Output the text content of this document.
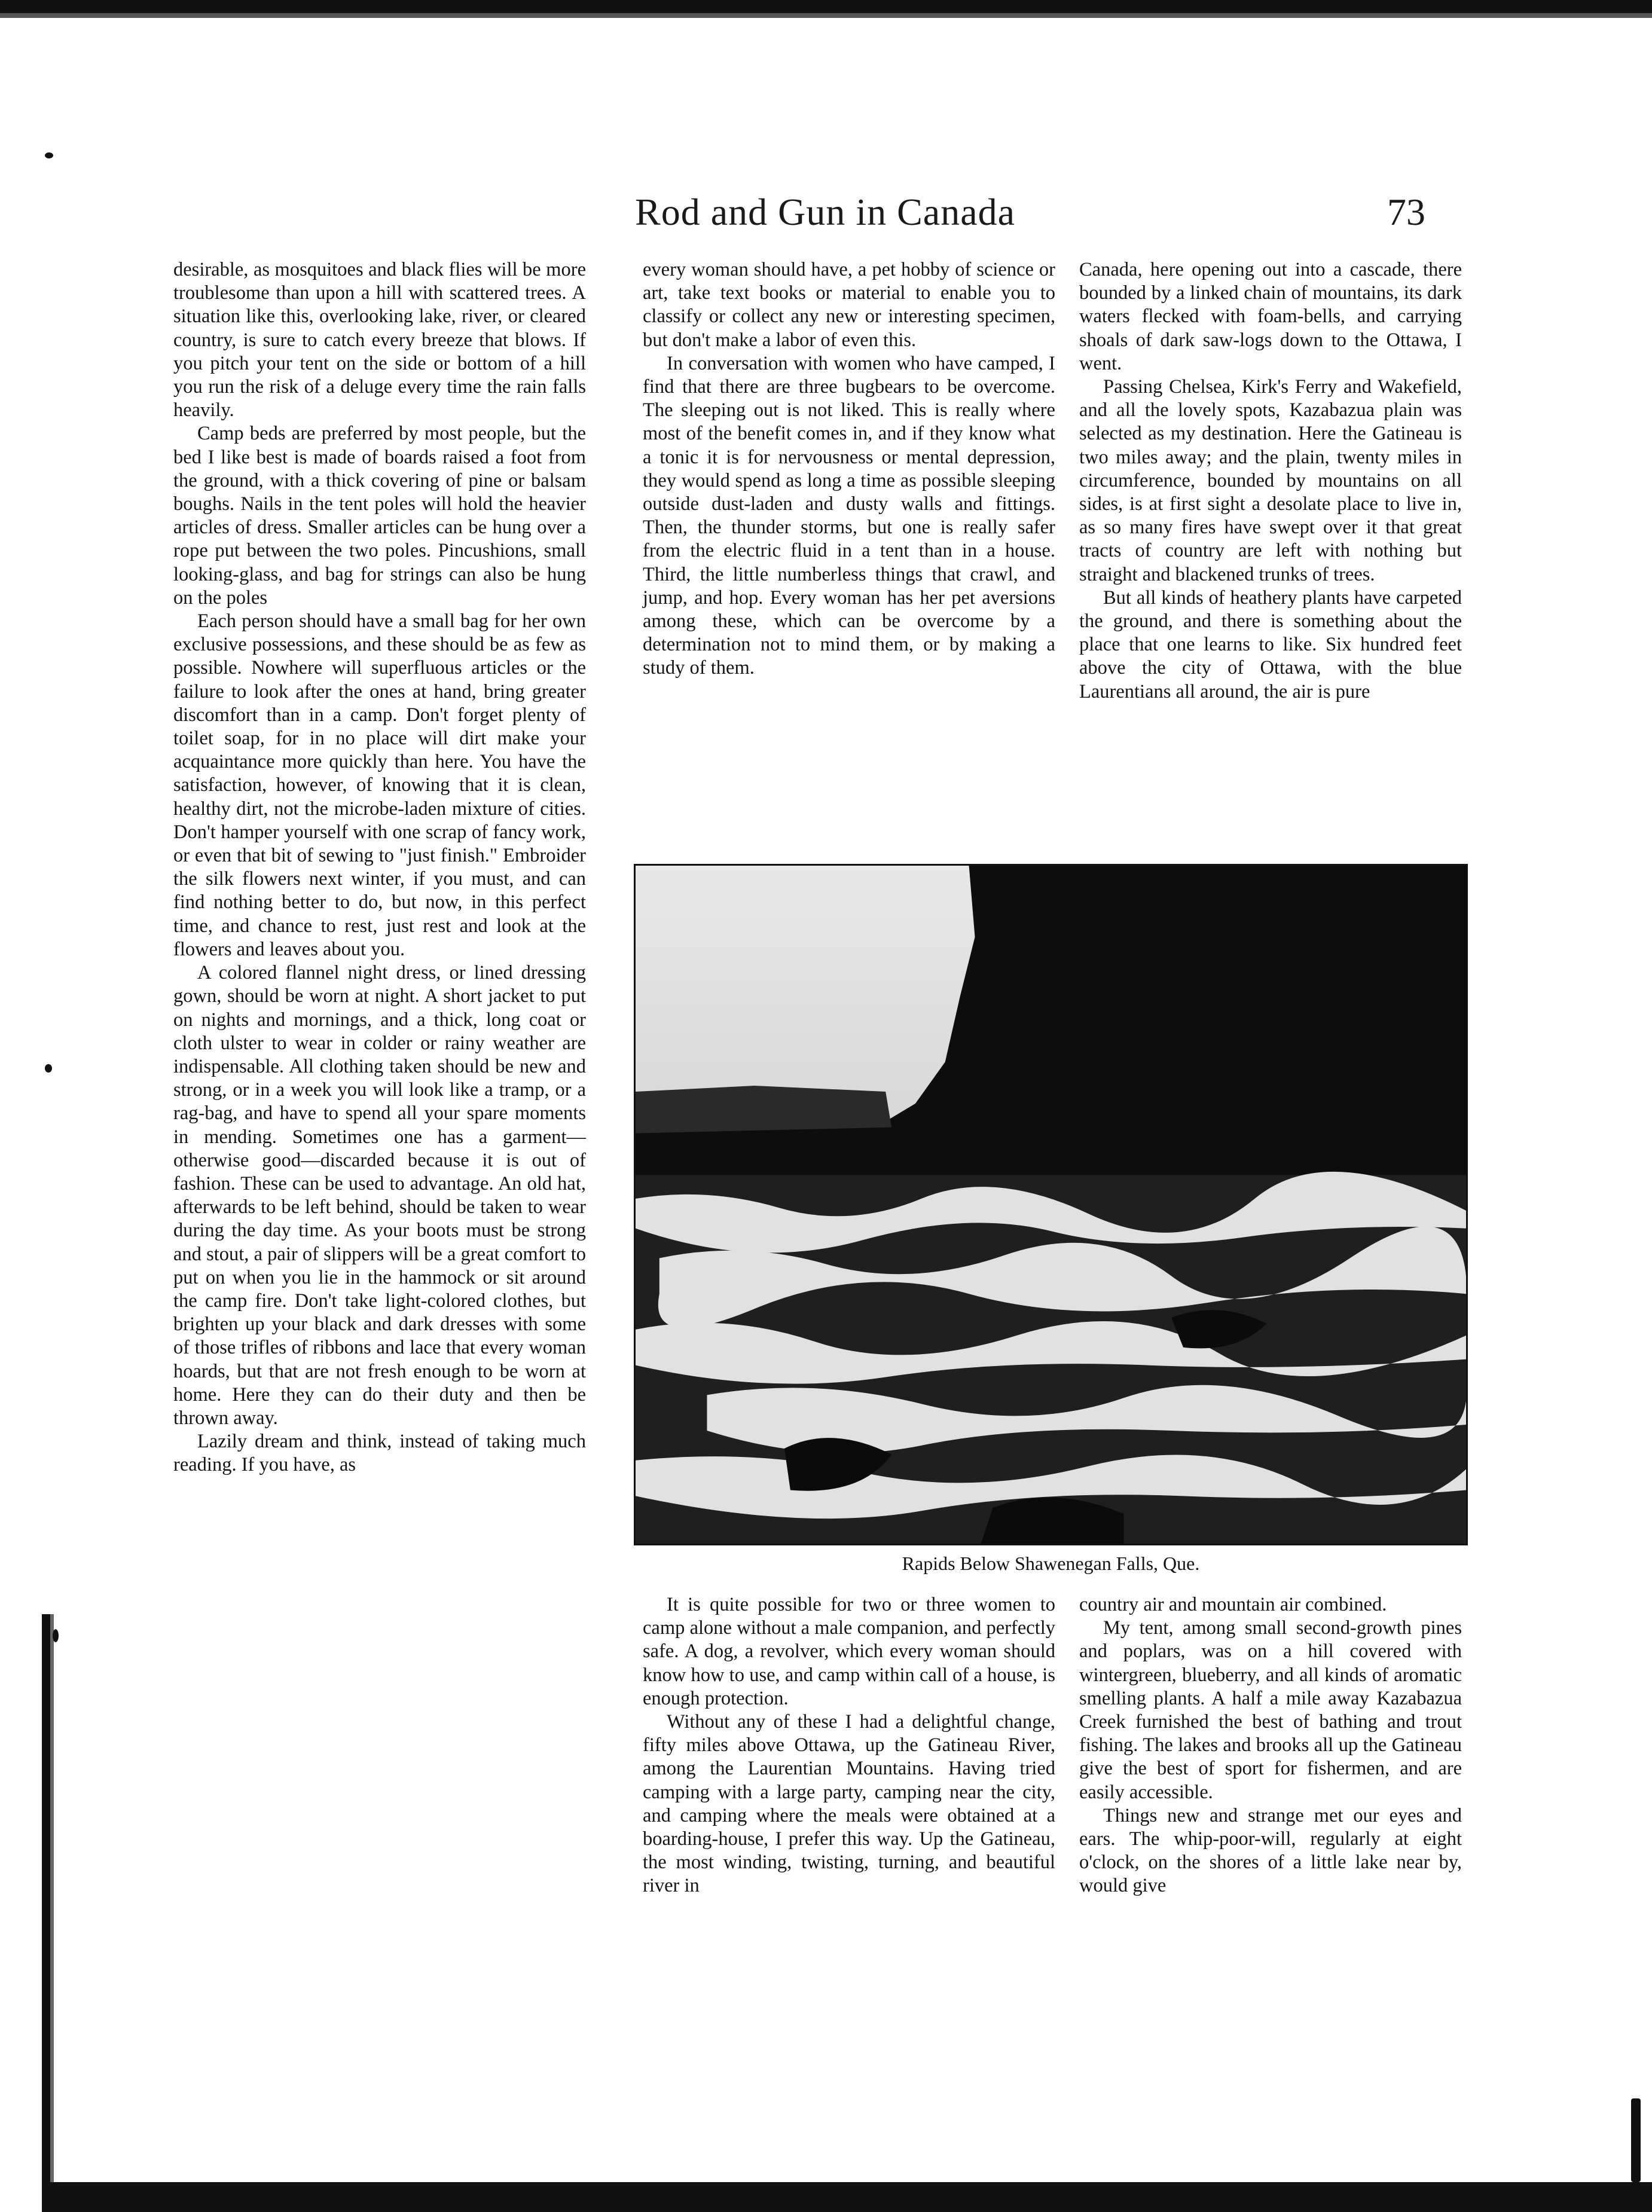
Rod and Gun in Canada	73

desirable, as mosquitoes and black flies will be more troublesome than upon a hill with scattered trees. A situation like this, overlooking lake, river, or cleared country, is sure to catch every breeze that blows. If you pitch your tent on the side or bottom of a hill you run the risk of a deluge every time the rain falls heavily.

Camp beds are preferred by most people, but the bed I like best is made of boards raised a foot from the ground, with a thick covering of pine or balsam boughs. Nails in the tent poles will hold the heavier articles of dress. Smaller articles can be hung over a rope put between the two poles. Pincushions, small looking-glass, and bag for strings can also be hung on the poles

Each person should have a small bag for her own exclusive possessions, and these should be as few as possible. Nowhere will superfluous articles or the failure to look after the ones at hand, bring greater discomfort than in a camp. Don't forget plenty of toilet soap, for in no place will dirt make your acquaintance more quickly than here. You have the satisfaction, however, of knowing that it is clean, healthy dirt, not the microbe-laden mixture of cities. Don't hamper yourself with one scrap of fancy work, or even that bit of sewing to "just finish." Embroider the silk flowers next winter, if you must, and can find nothing better to do, but now, in this perfect time, and chance to rest, just rest and look at the flowers and leaves about you.

A colored flannel night dress, or lined dressing gown, should be worn at night. A short jacket to put on nights and mornings, and a thick, long coat or cloth ulster to wear in colder or rainy weather are indispensable. All clothing taken should be new and strong, or in a week you will look like a tramp, or a rag-bag, and have to spend all your spare moments in mending. Sometimes one has a garment—otherwise good—discarded because it is out of fashion. These can be used to advantage. An old hat, afterwards to be left behind, should be taken to wear during the day time. As your boots must be strong and stout, a pair of slippers will be a great comfort to put on when you lie in the hammock or sit around the camp fire. Don't take light-colored clothes, but brighten up your black and dark dresses with some of those trifles of ribbons and lace that every woman hoards, but that are not fresh enough to be worn at home. Here they can do their duty and then be thrown away.

Lazily dream and think, instead of taking much reading. If you have, as

every woman should have, a pet hobby of science or art, take text books or material to enable you to classify or collect any new or interesting specimen, but don't make a labor of even this.

In conversation with women who have camped, I find that there are three bugbears to be overcome. The sleeping out is not liked. This is really where most of the benefit comes in, and if they know what a tonic it is for nervousness or mental depression, they would spend as long a time as possible sleeping outside dust-laden and dusty walls and fittings. Then, the thunder storms, but one is really safer from the electric fluid in a tent than in a house. Third, the little numberless things that crawl, and jump, and hop. Every woman has her pet aversions among these, which can be overcome by a determination not to mind them, or by making a study of them.

Canada, here opening out into a cascade, there bounded by a linked chain of mountains, its dark waters flecked with foam-bells, and carrying shoals of dark saw-logs down to the Ottawa, I went.

Passing Chelsea, Kirk's Ferry and Wakefield, and all the lovely spots, Kazabazua plain was selected as my destination. Here the Gatineau is two miles away; and the plain, twenty miles in circumference, bounded by mountains on all sides, is at first sight a desolate place to live in, as so many fires have swept over it that great tracts of country are left with nothing but straight and blackened trunks of trees.

But all kinds of heathery plants have carpeted the ground, and there is something about the place that one learns to like. Six hundred feet above the city of Ottawa, with the blue Laurentians all around, the air is pure

Rapids Below Shawenegan Falls, Que.

It is quite possible for two or three women to camp alone without a male companion, and perfectly safe. A dog, a revolver, which every woman should know how to use, and camp within call of a house, is enough protection.

Without any of these I had a delightful change, fifty miles above Ottawa, up the Gatineau River, among the Laurentian Mountains. Having tried camping with a large party, camping near the city, and camping where the meals were obtained at a boarding-house, I prefer this way. Up the Gatineau, the most winding, twisting, turning, and beautiful river in

country air and mountain air combined.

My tent, among small second-growth pines and poplars, was on a hill covered with wintergreen, blueberry, and all kinds of aromatic smelling plants. A half a mile away Kazabazua Creek furnished the best of bathing and trout fishing. The lakes and brooks all up the Gatineau give the best of sport for fishermen, and are easily accessible.

Things new and strange met our eyes and ears. The whip-poor-will, regularly at eight o'clock, on the shores of a little lake near by, would give
